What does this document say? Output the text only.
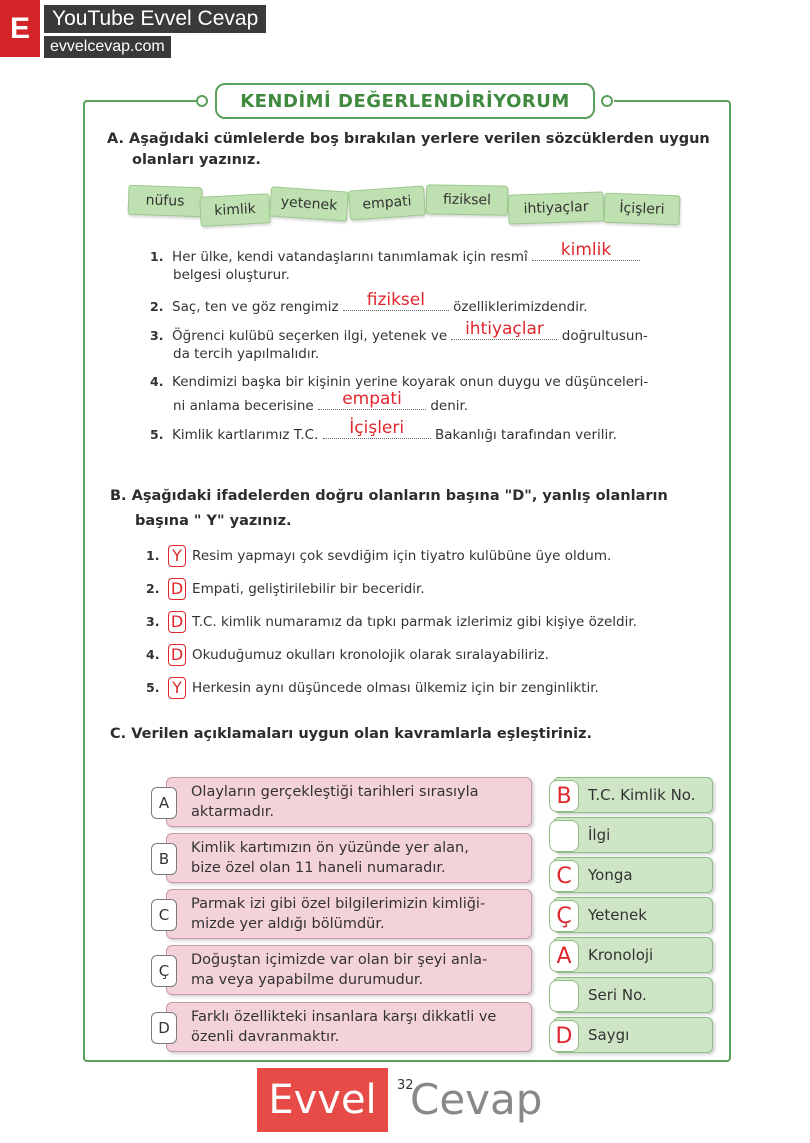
E	YouTube Evvel Cevap
evvelcevap.com
KENDİMİ DEĞERLENDİRİYORUM
A. Aşağıdaki cümlelerde boş bırakılan yerlere verilen sözcüklerden uygun
olanları yazınız.
nüfus	kimlik	yetenek	empati	fiziksel	ihtiyaçlar	İçişleri
1. Her ülke, kendi vatandaşlarını tanımlamak için resmî	kimlik
belgesi oluşturur.
2. Saç, ten ve göz rengimiz	fiziksel	özelliklerimizdendir.
3. Öğrenci kulübü seçerken ilgi, yetenek ve	ihtiyaçlar	doğrultusun-
da tercih yapılmalıdır.
4. Kendimizi başka bir kişinin yerine koyarak onun duygu ve düşünceleri-
ni anlama becerisine	empati	denir.
5. Kimlik kartlarımız T.C.	İçişleri	Bakanlığı tarafından verilir.
B. Aşağıdaki ifadelerden doğru olanların başına "D", yanlış olanların
başına " Y" yazınız.
1. Y Resim yapmayı çok sevdiğim için tiyatro kulübüne üye oldum.
2. D Empati, geliştirilebilir bir beceridir.
3. D T.C. kimlik numaramız da tıpkı parmak izlerimiz gibi kişiye özeldir.
4. D Okuduğumuz okulları kronolojik olarak sıralayabiliriz.
5. Y Herkesin aynı düşüncede olması ülkemiz için bir zenginliktir.
C. Verilen açıklamaları uygun olan kavramlarla eşleştiriniz.
Olayların gerçekleştiği tarihleri sırasıyla
aktarmadır.
Kimlik kartımızın ön yüzünde yer alan,
bize özel olan 11 haneli numaradır.
Parmak izi gibi özel bilgilerimizin kimliği-
mizde yer aldığı bölümdür.
Doğuştan içimizde var olan bir şeyi anla-
ma veya yapabilme durumudur.
Farklı özellikteki insanlara karşı dikkatli ve
özenli davranmaktır.
A
B
C
Ç
D
T.C. Kimlik No.
İlgi
Yonga
Yetenek
Kronoloji
Seri No.
Saygı
B
C
Ç
A
D
Evvel Cevap
32
